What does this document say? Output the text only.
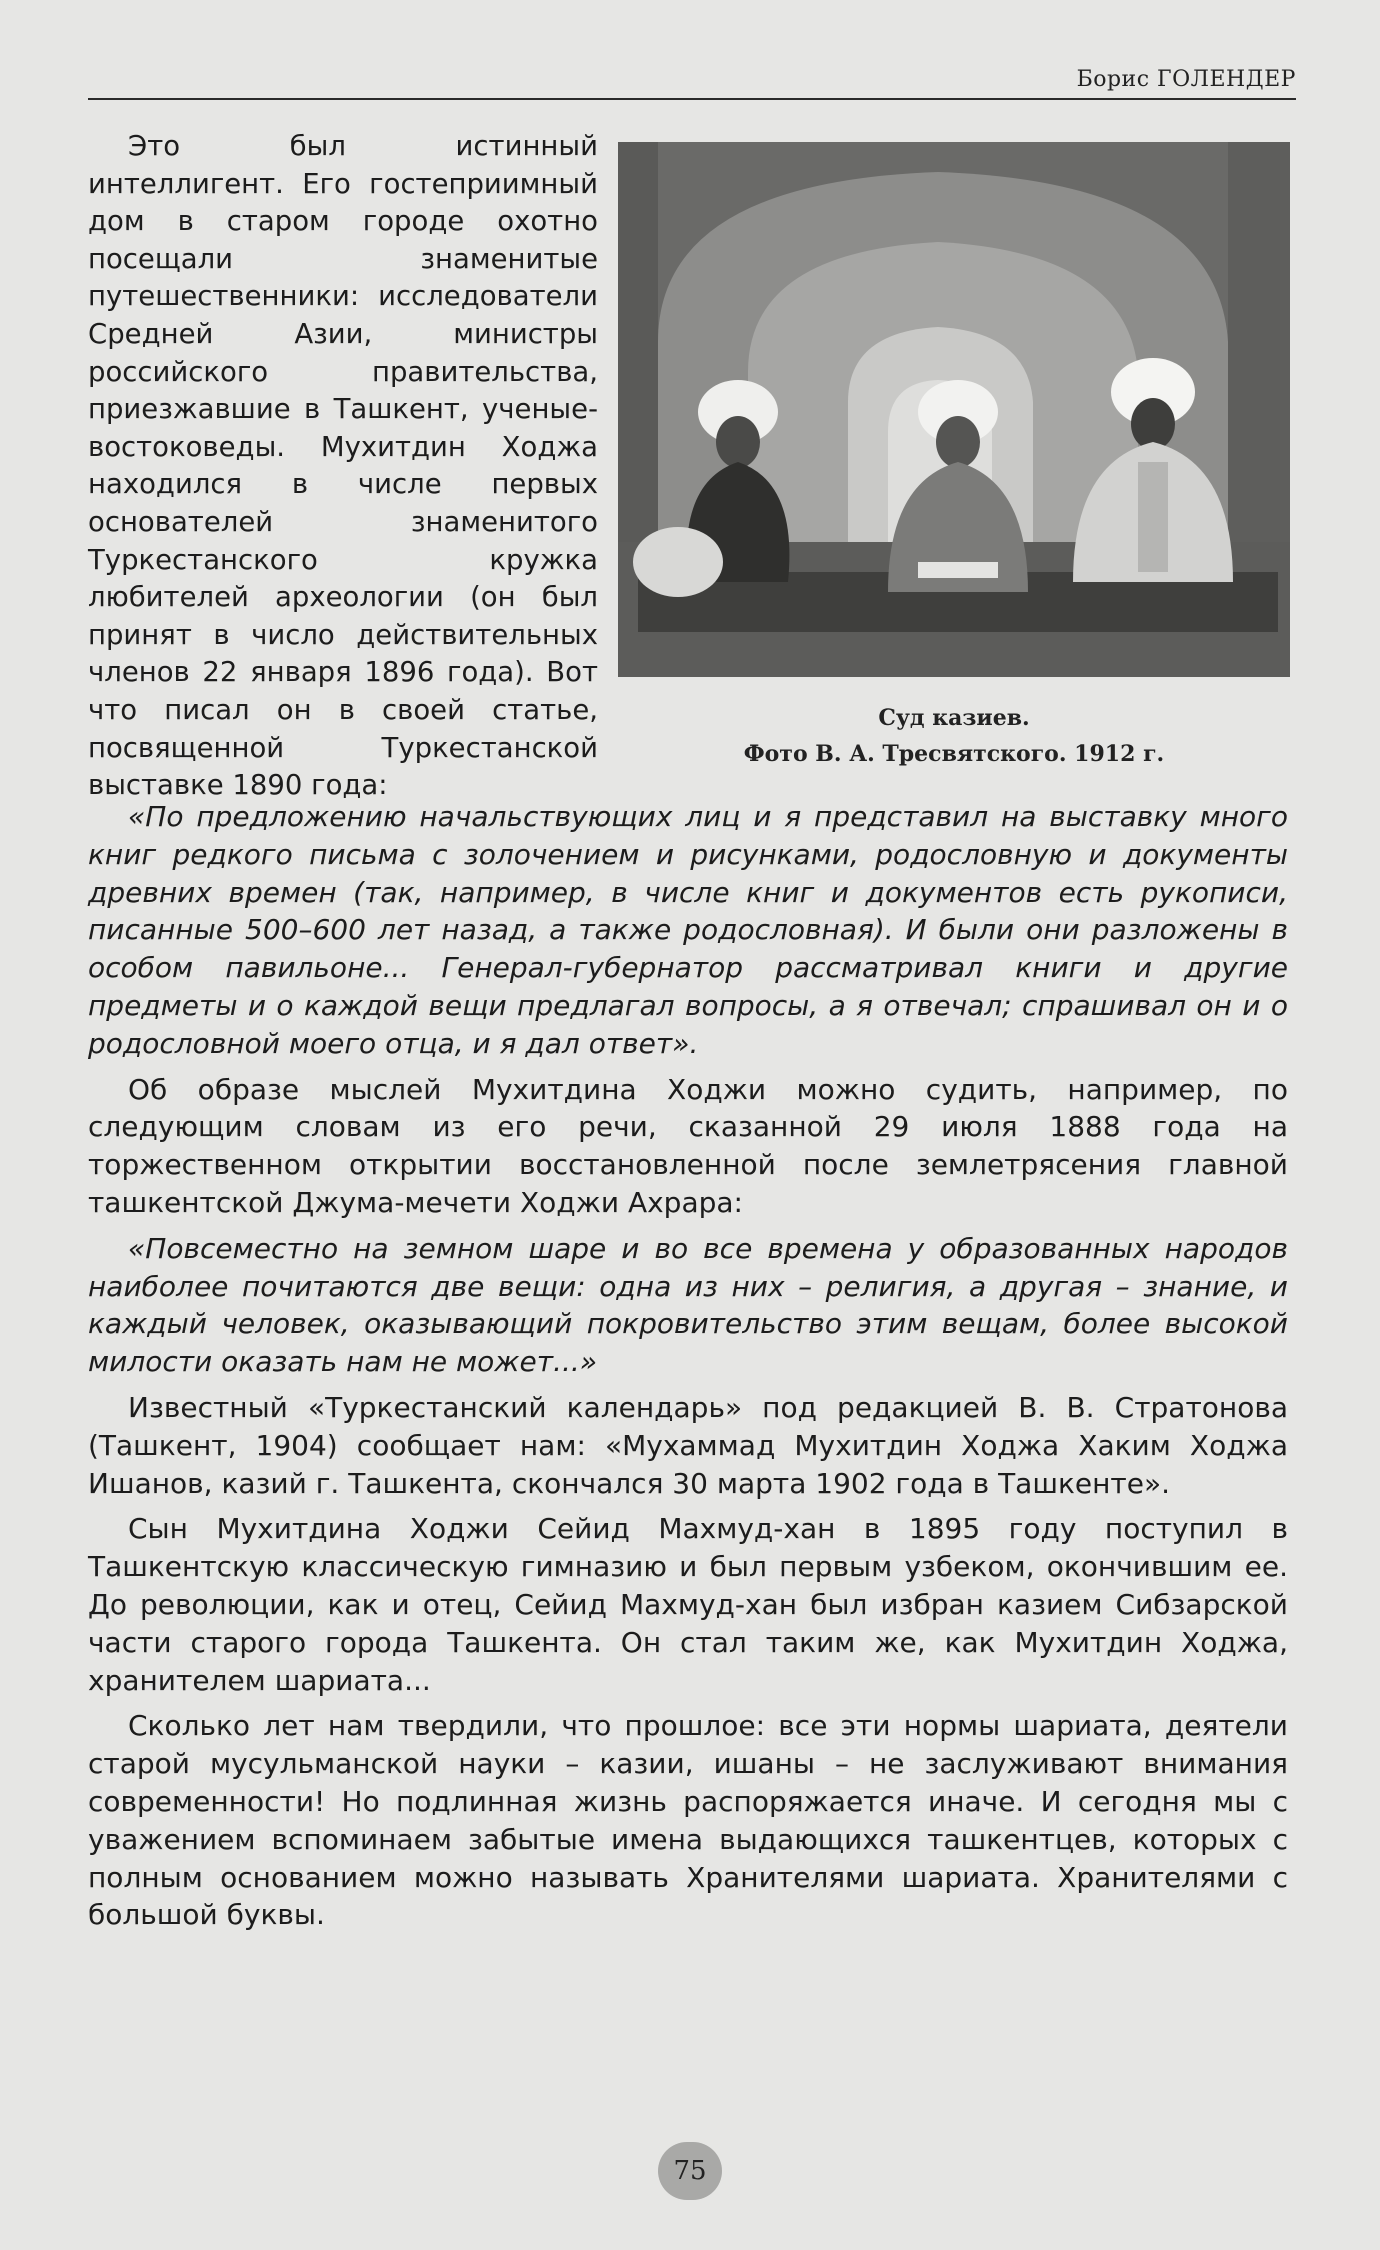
Борис ГОЛЕНДЕР
Суд казиев.
Фото В. А. Тресвятского. 1912 г.

Это был истинный интеллигент. Его гостеприимный дом в старом городе охотно посещали знаменитые путешественники: исследователи Средней Азии, министры российского правительства, приезжавшие в Ташкент, ученые-востоковеды. Мухитдин Ходжа находился в числе первых основателей знаменитого Туркестанского кружка любителей археологии (он был принят в число действительных членов 22 января 1896 года). Вот что писал он в своей статье, посвященной Туркестанской выставке 1890 года:

«По предложению начальствующих лиц и я представил на выставку много книг редкого письма с золочением и рисунками, родословную и документы древних времен (так, например, в числе книг и документов есть рукописи, писанные 500–600 лет назад, а также родословная). И были они разложены в особом павильоне... Генерал-губернатор рассматривал книги и другие предметы и о каждой вещи предлагал вопросы, а я отвечал; спрашивал он и о родословной моего отца, и я дал ответ».

Об образе мыслей Мухитдина Ходжи можно судить, например, по следующим словам из его речи, сказанной 29 июля 1888 года на торжественном открытии восстановленной после землетрясения главной ташкентской Джума-мечети Ходжи Ахрара:

«Повсеместно на земном шаре и во все времена у образованных народов наиболее почитаются две вещи: одна из них – религия, а другая – знание, и каждый человек, оказывающий покровительство этим вещам, более высокой милости оказать нам не может...»

Известный «Туркестанский календарь» под редакцией В. В. Стратонова (Ташкент, 1904) сообщает нам: «Мухаммад Мухитдин Ходжа Хаким Ходжа Ишанов, казий г. Ташкента, скончался 30 марта 1902 года в Ташкенте».

Сын Мухитдина Ходжи Сейид Махмуд-хан в 1895 году поступил в Ташкентскую классическую гимназию и был первым узбеком, окончившим ее. До революции, как и отец, Сейид Махмуд-хан был избран казием Сибзарской части старого города Ташкента. Он стал таким же, как Мухитдин Ходжа, хранителем шариата...

Сколько лет нам твердили, что прошлое: все эти нормы шариата, деятели старой мусульманской науки – казии, ишаны – не заслуживают внимания современности! Но подлинная жизнь распоряжается иначе. И сегодня мы с уважением вспоминаем забытые имена выдающихся ташкентцев, которых с полным основанием можно называть Хранителями шариата. Хранителями с большой буквы.

75
